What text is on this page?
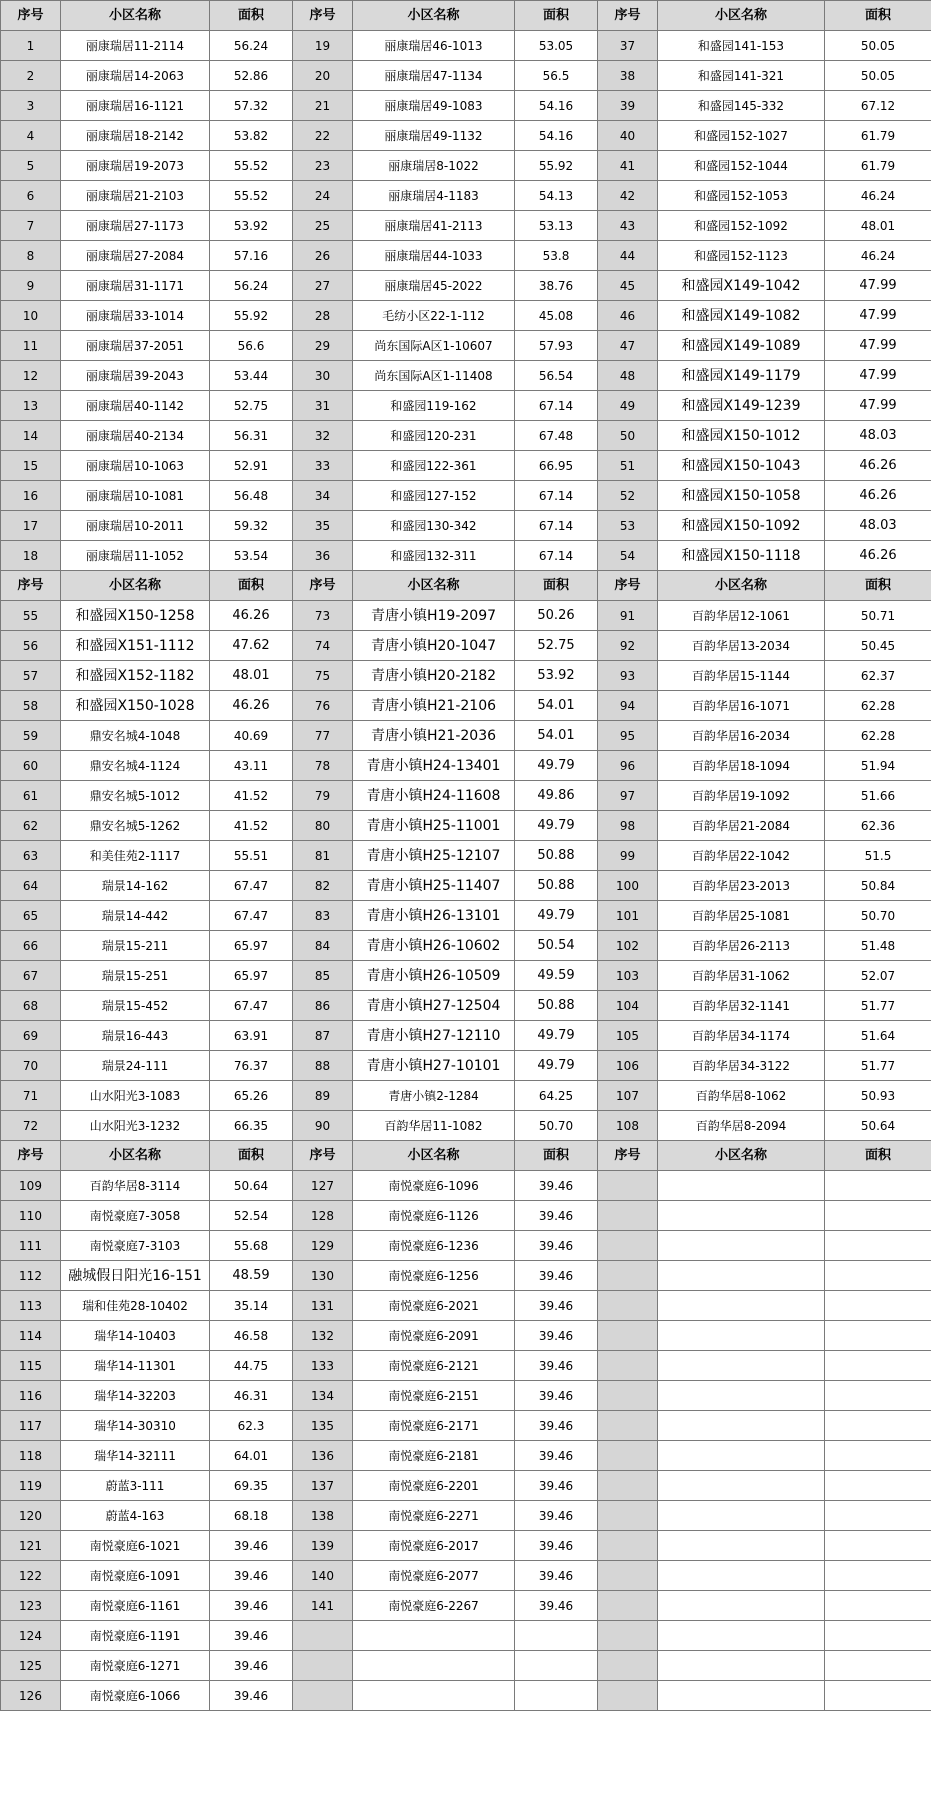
序号	小区名称	面积	序号	小区名称	面积	序号	小区名称	面积
1	丽康瑞居11-2114	56.24	19	丽康瑞居46-1013	53.05	37	和盛园141-153	50.05
2	丽康瑞居14-2063	52.86	20	丽康瑞居47-1134	56.5	38	和盛园141-321	50.05
3	丽康瑞居16-1121	57.32	21	丽康瑞居49-1083	54.16	39	和盛园145-332	67.12
4	丽康瑞居18-2142	53.82	22	丽康瑞居49-1132	54.16	40	和盛园152-1027	61.79
5	丽康瑞居19-2073	55.52	23	丽康瑞居8-1022	55.92	41	和盛园152-1044	61.79
6	丽康瑞居21-2103	55.52	24	丽康瑞居4-1183	54.13	42	和盛园152-1053	46.24
7	丽康瑞居27-1173	53.92	25	丽康瑞居41-2113	53.13	43	和盛园152-1092	48.01
8	丽康瑞居27-2084	57.16	26	丽康瑞居44-1033	53.8	44	和盛园152-1123	46.24
9	丽康瑞居31-1171	56.24	27	丽康瑞居45-2022	38.76	45	和盛园X149-1042	47.99
10	丽康瑞居33-1014	55.92	28	毛纺小区22-1-112	45.08	46	和盛园X149-1082	47.99
11	丽康瑞居37-2051	56.6	29	尚东国际A区1-10607	57.93	47	和盛园X149-1089	47.99
12	丽康瑞居39-2043	53.44	30	尚东国际A区1-11408	56.54	48	和盛园X149-1179	47.99
13	丽康瑞居40-1142	52.75	31	和盛园119-162	67.14	49	和盛园X149-1239	47.99
14	丽康瑞居40-2134	56.31	32	和盛园120-231	67.48	50	和盛园X150-1012	48.03
15	丽康瑞居10-1063	52.91	33	和盛园122-361	66.95	51	和盛园X150-1043	46.26
16	丽康瑞居10-1081	56.48	34	和盛园127-152	67.14	52	和盛园X150-1058	46.26
17	丽康瑞居10-2011	59.32	35	和盛园130-342	67.14	53	和盛园X150-1092	48.03
18	丽康瑞居11-1052	53.54	36	和盛园132-311	67.14	54	和盛园X150-1118	46.26
序号	小区名称	面积	序号	小区名称	面积	序号	小区名称	面积
55	和盛园X150-1258	46.26	73	青唐小镇H19-2097	50.26	91	百韵华居12-1061	50.71
56	和盛园X151-1112	47.62	74	青唐小镇H20-1047	52.75	92	百韵华居13-2034	50.45
57	和盛园X152-1182	48.01	75	青唐小镇H20-2182	53.92	93	百韵华居15-1144	62.37
58	和盛园X150-1028	46.26	76	青唐小镇H21-2106	54.01	94	百韵华居16-1071	62.28
59	鼎安名城4-1048	40.69	77	青唐小镇H21-2036	54.01	95	百韵华居16-2034	62.28
60	鼎安名城4-1124	43.11	78	青唐小镇H24-13401	49.79	96	百韵华居18-1094	51.94
61	鼎安名城5-1012	41.52	79	青唐小镇H24-11608	49.86	97	百韵华居19-1092	51.66
62	鼎安名城5-1262	41.52	80	青唐小镇H25-11001	49.79	98	百韵华居21-2084	62.36
63	和美佳苑2-1117	55.51	81	青唐小镇H25-12107	50.88	99	百韵华居22-1042	51.5
64	瑞景14-162	67.47	82	青唐小镇H25-11407	50.88	100	百韵华居23-2013	50.84
65	瑞景14-442	67.47	83	青唐小镇H26-13101	49.79	101	百韵华居25-1081	50.70
66	瑞景15-211	65.97	84	青唐小镇H26-10602	50.54	102	百韵华居26-2113	51.48
67	瑞景15-251	65.97	85	青唐小镇H26-10509	49.59	103	百韵华居31-1062	52.07
68	瑞景15-452	67.47	86	青唐小镇H27-12504	50.88	104	百韵华居32-1141	51.77
69	瑞景16-443	63.91	87	青唐小镇H27-12110	49.79	105	百韵华居34-1174	51.64
70	瑞景24-111	76.37	88	青唐小镇H27-10101	49.79	106	百韵华居34-3122	51.77
71	山水阳光3-1083	65.26	89	青唐小镇2-1284	64.25	107	百韵华居8-1062	50.93
72	山水阳光3-1232	66.35	90	百韵华居11-1082	50.70	108	百韵华居8-2094	50.64
序号	小区名称	面积	序号	小区名称	面积	序号	小区名称	面积
109	百韵华居8-3114	50.64	127	南悦豪庭6-1096	39.46			
110	南悦豪庭7-3058	52.54	128	南悦豪庭6-1126	39.46			
111	南悦豪庭7-3103	55.68	129	南悦豪庭6-1236	39.46			
112	融城假日阳光16-151	48.59	130	南悦豪庭6-1256	39.46			
113	瑞和佳苑28-10402	35.14	131	南悦豪庭6-2021	39.46			
114	瑞华14-10403	46.58	132	南悦豪庭6-2091	39.46			
115	瑞华14-11301	44.75	133	南悦豪庭6-2121	39.46			
116	瑞华14-32203	46.31	134	南悦豪庭6-2151	39.46			
117	瑞华14-30310	62.3	135	南悦豪庭6-2171	39.46			
118	瑞华14-32111	64.01	136	南悦豪庭6-2181	39.46			
119	蔚蓝3-111	69.35	137	南悦豪庭6-2201	39.46			
120	蔚蓝4-163	68.18	138	南悦豪庭6-2271	39.46			
121	南悦豪庭6-1021	39.46	139	南悦豪庭6-2017	39.46			
122	南悦豪庭6-1091	39.46	140	南悦豪庭6-2077	39.46			
123	南悦豪庭6-1161	39.46	141	南悦豪庭6-2267	39.46			
124	南悦豪庭6-1191	39.46						
125	南悦豪庭6-1271	39.46						
126	南悦豪庭6-1066	39.46						
